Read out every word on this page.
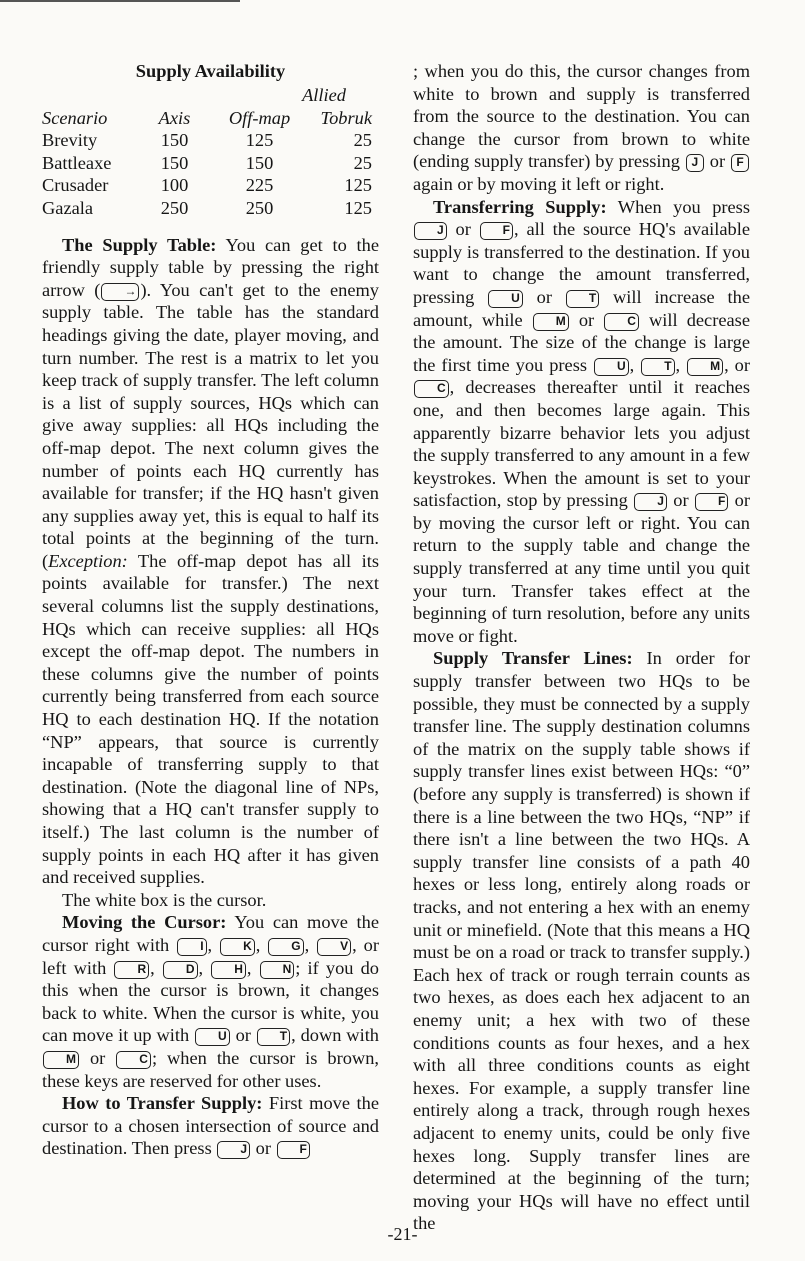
Supply Availability
		Allied	
Scenario	Axis	Off-map	Tobruk
Brevity	150	125	25
Battleaxe	150	150	25
Crusader	100	225	125
Gazala	250	250	125

The Supply Table: You can get to the friendly supply table by pressing the right arrow ( → ). You can't get to the enemy supply table. The table has the standard headings giving the date, player moving, and turn number. The rest is a matrix to let you keep track of supply transfer. The left column is a list of supply sources, HQs which can give away supplies: all HQs including the off-map depot. The next column gives the number of points each HQ currently has available for transfer; if the HQ hasn't given any supplies away yet, this is equal to half its total points at the beginning of the turn. (Exception: The off-map depot has all its points available for transfer.) The next several columns list the supply destinations, HQs which can receive supplies: all HQs except the off-map depot. The numbers in these columns give the number of points currently being transferred from each source HQ to each destination HQ. If the notation “NP” appears, that source is currently incapable of transferring supply to that destination. (Note the diagonal line of NPs, showing that a HQ can't transfer supply to itself.) The last column is the number of supply points in each HQ after it has given and received supplies.

The white box is the cursor.

Moving the Cursor: You can move the cursor right with I , K , G , V , or left with R , D , H , N ; if you do this when the cursor is brown, it changes back to white. When the cursor is white, you can move it up with U or T , down with M or C ; when the cursor is brown, these keys are reserved for other uses.

How to Transfer Supply: First move the cursor to a chosen intersection of source and destination. Then press J or F

; when you do this, the cursor changes from white to brown and supply is transferred from the source to the destination. You can change the cursor from brown to white (ending supply transfer) by pressing J or F again or by moving it left or right.

Transferring Supply: When you press J or F , all the source HQ's available supply is transferred to the destination. If you want to change the amount transferred, pressing U or T will increase the amount, while M or C will decrease the amount. The size of the change is large the first time you press U , T , M , or C , decreases thereafter until it reaches one, and then becomes large again. This apparently bizarre behavior lets you adjust the supply transferred to any amount in a few keystrokes. When the amount is set to your satisfaction, stop by pressing J or F or by moving the cursor left or right. You can return to the supply table and change the supply transferred at any time until you quit your turn. Transfer takes effect at the beginning of turn resolution, before any units move or fight.

Supply Transfer Lines: In order for supply transfer between two HQs to be possible, they must be connected by a supply transfer line. The supply destination columns of the matrix on the supply table shows if supply transfer lines exist between HQs: “0” (before any supply is transferred) is shown if there is a line between the two HQs, “NP” if there isn't a line between the two HQs. A supply transfer line consists of a path 40 hexes or less long, entirely along roads or tracks, and not entering a hex with an enemy unit or minefield. (Note that this means a HQ must be on a road or track to transfer supply.) Each hex of track or rough terrain counts as two hexes, as does each hex adjacent to an enemy unit; a hex with two of these conditions counts as four hexes, and a hex with all three conditions counts as eight hexes. For example, a supply transfer line entirely along a track, through rough hexes adjacent to enemy units, could be only five hexes long. Supply transfer lines are determined at the beginning of the turn; moving your HQs will have no effect until the

-21-
